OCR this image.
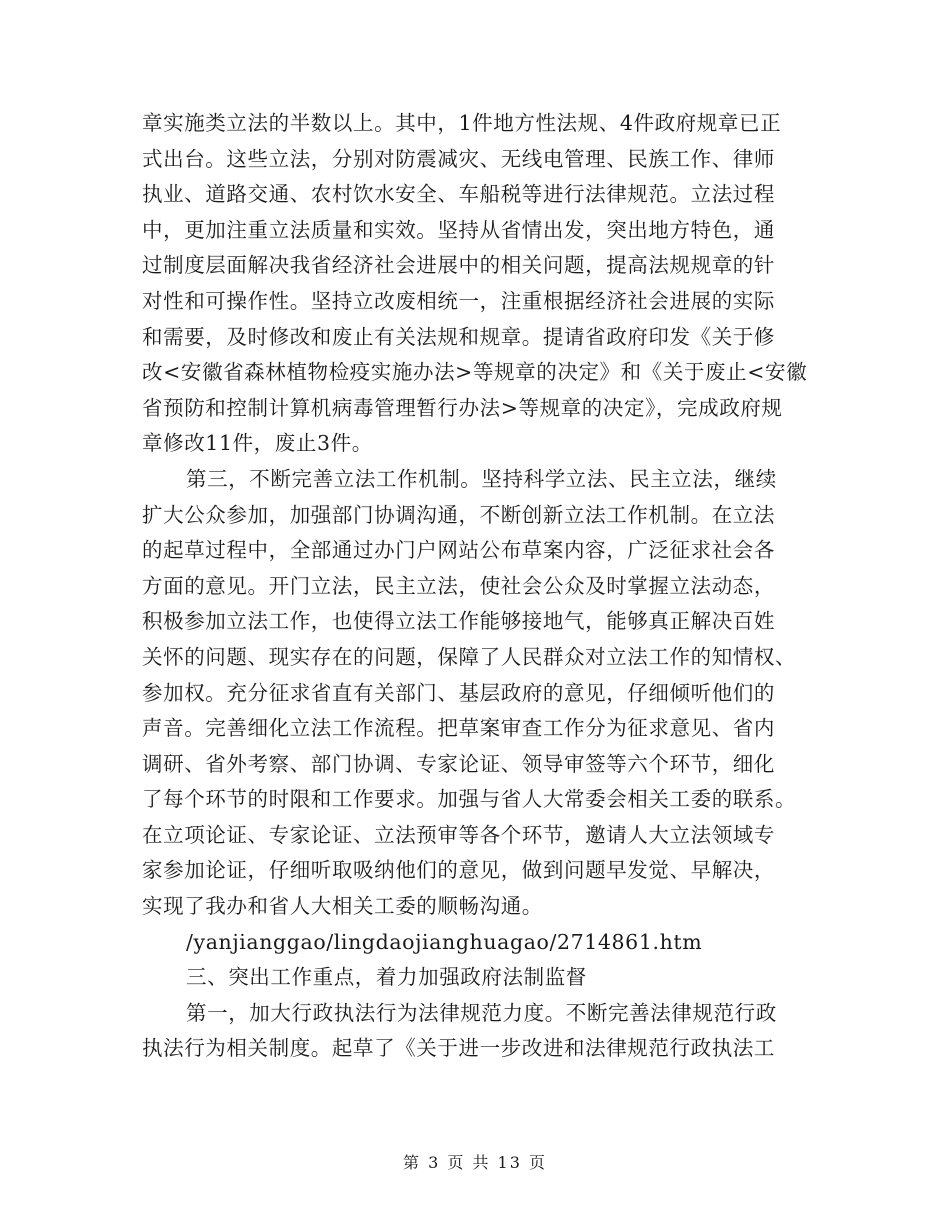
章实施类立法的半数以上。其中，1件地方性法规、4件政府规章已正
式出台。这些立法，分别对防震减灾、无线电管理、民族工作、律师
执业、道路交通、农村饮水安全、车船税等进行法律规范。立法过程
中，更加注重立法质量和实效。坚持从省情出发，突出地方特色，通
过制度层面解决我省经济社会进展中的相关问题，提高法规规章的针
对性和可操作性。坚持立改废相统一，注重根据经济社会进展的实际
和需要，及时修改和废止有关法规和规章。提请省政府印发《关于修
改<安徽省森林植物检疫实施办法>等规章的决定》和《关于废止<安徽
省预防和控制计算机病毒管理暂行办法>等规章的决定》，完成政府规
章修改11件，废止3件。
第三，不断完善立法工作机制。坚持科学立法、民主立法，继续
扩大公众参加，加强部门协调沟通，不断创新立法工作机制。在立法
的起草过程中，全部通过办门户网站公布草案内容，广泛征求社会各
方面的意见。开门立法，民主立法，使社会公众及时掌握立法动态，
积极参加立法工作，也使得立法工作能够接地气，能够真正解决百姓
关怀的问题、现实存在的问题，保障了人民群众对立法工作的知情权、
参加权。充分征求省直有关部门、基层政府的意见，仔细倾听他们的
声音。完善细化立法工作流程。把草案审查工作分为征求意见、省内
调研、省外考察、部门协调、专家论证、领导审签等六个环节，细化
了每个环节的时限和工作要求。加强与省人大常委会相关工委的联系。
在立项论证、专家论证、立法预审等各个环节，邀请人大立法领域专
家参加论证，仔细听取吸纳他们的意见，做到问题早发觉、早解决，
实现了我办和省人大相关工委的顺畅沟通。
/yanjianggao/lingdaojianghuagao/2714861.htm
三、突出工作重点，着力加强政府法制监督
第一，加大行政执法行为法律规范力度。不断完善法律规范行政
执法行为相关制度。起草了《关于进一步改进和法律规范行政执法工
第 3 页 共 13 页
